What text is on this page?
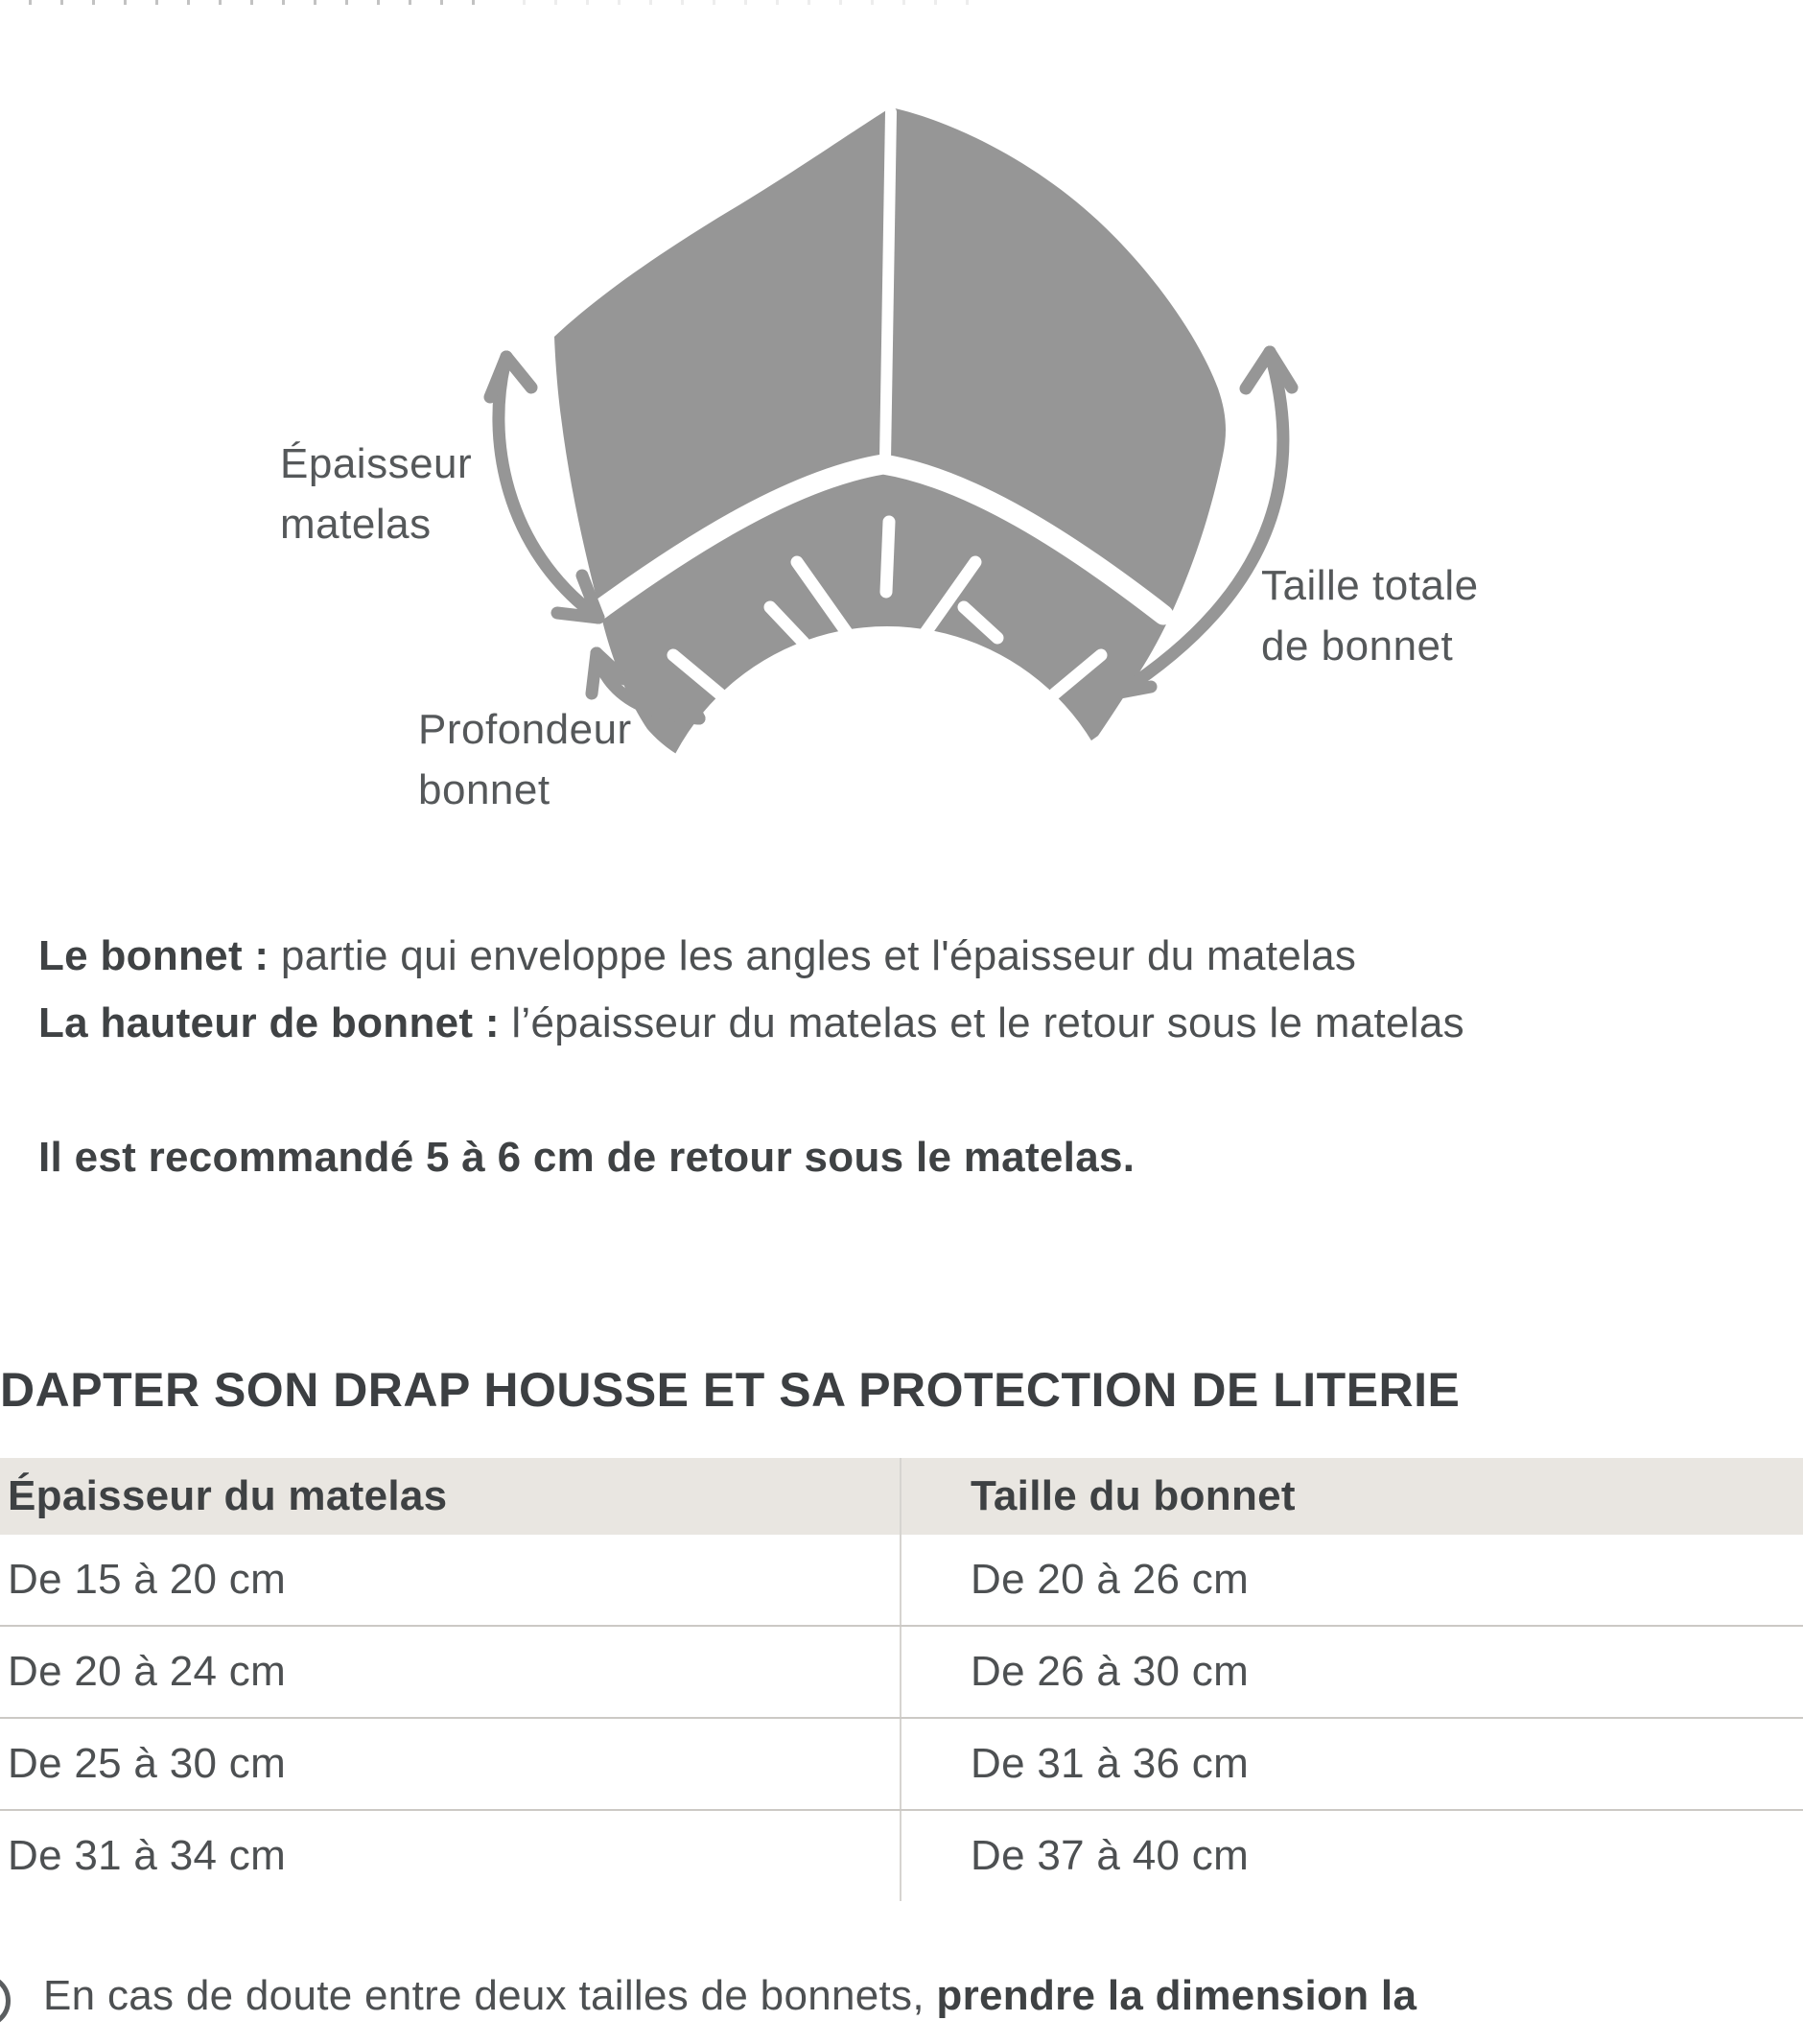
Épaisseur
matelas
Profondeur
bonnet
Taille totale
de bonnet
Le bonnet : partie qui enveloppe les angles et l'épaisseur du matelas
La hauteur de bonnet : l’épaisseur du matelas et le retour sous le matelas
Il est recommandé 5 à 6 cm de retour sous le matelas.
DAPTER SON DRAP HOUSSE ET SA PROTECTION DE LITERIE
Épaisseur du matelas	Taille du bonnet
De 15 à 20 cm	De 20 à 26 cm
De 20 à 24 cm	De 26 à 30 cm
De 25 à 30 cm	De 31 à 36 cm
De 31 à 34 cm	De 37 à 40 cm
En cas de doute entre deux tailles de bonnets, prendre la dimension la
